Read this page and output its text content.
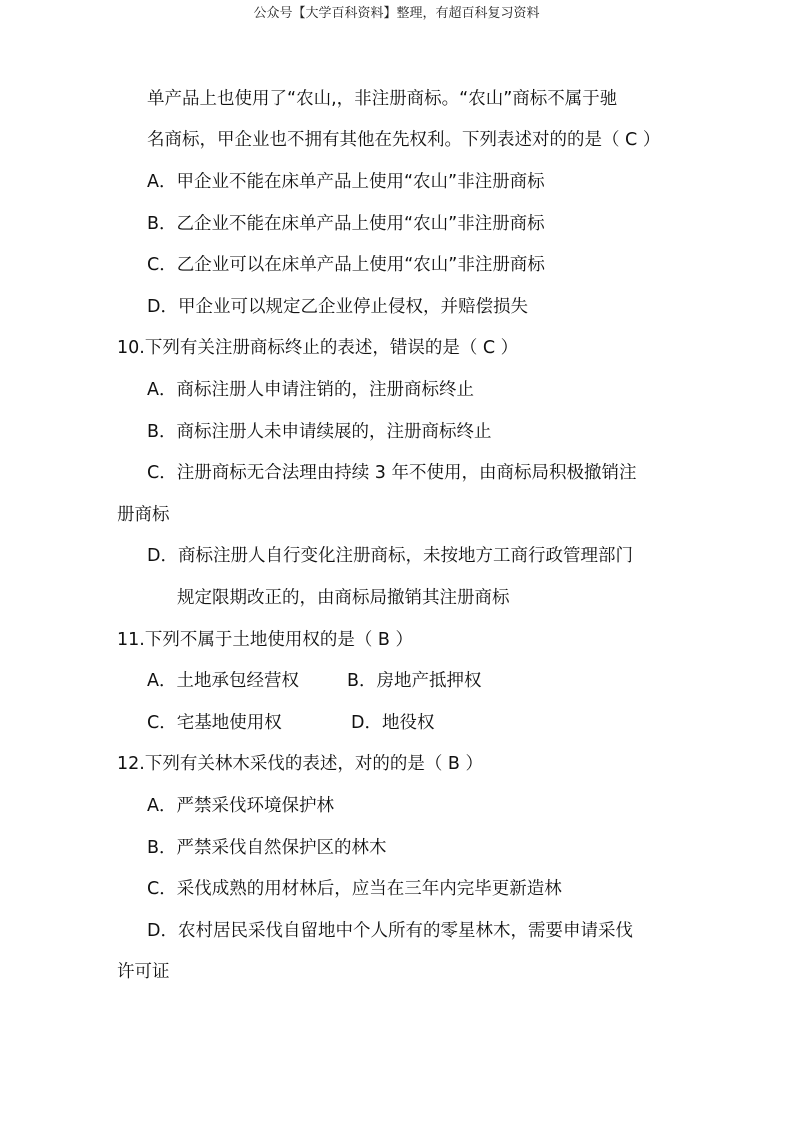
公众号【大学百科资料】整理，有超百科复习资料
单产品上也使用了“农山,，非注册商标。“农山”商标不属于驰
名商标，甲企业也不拥有其他在先权利。下列表述对的的是（ C ）
A．甲企业不能在床单产品上使用“农山”非注册商标
B．乙企业不能在床单产品上使用“农山”非注册商标
C．乙企业可以在床单产品上使用“农山”非注册商标
D．甲企业可以规定乙企业停止侵权，并赔偿损失
10.下列有关注册商标终止的表述，错误的是（ C ）
A．商标注册人申请注销的，注册商标终止
B．商标注册人未申请续展的，注册商标终止
C．注册商标无合法理由持续 3 年不使用，由商标局积极撤销注
册商标
D．商标注册人自行变化注册商标，未按地方工商行政管理部门
规定限期改正的，由商标局撤销其注册商标
11.下列不属于土地使用权的是（ B ）
A．土地承包经营权	B．房地产抵押权
C．宅基地使用权	D．地役权
12.下列有关林木采伐的表述，对的的是（ B ）
A．严禁采伐环境保护林
B．严禁采伐自然保护区的林木
C．采伐成熟的用材林后，应当在三年内完毕更新造林
D．农村居民采伐自留地中个人所有的零星林木，需要申请采伐
许可证
